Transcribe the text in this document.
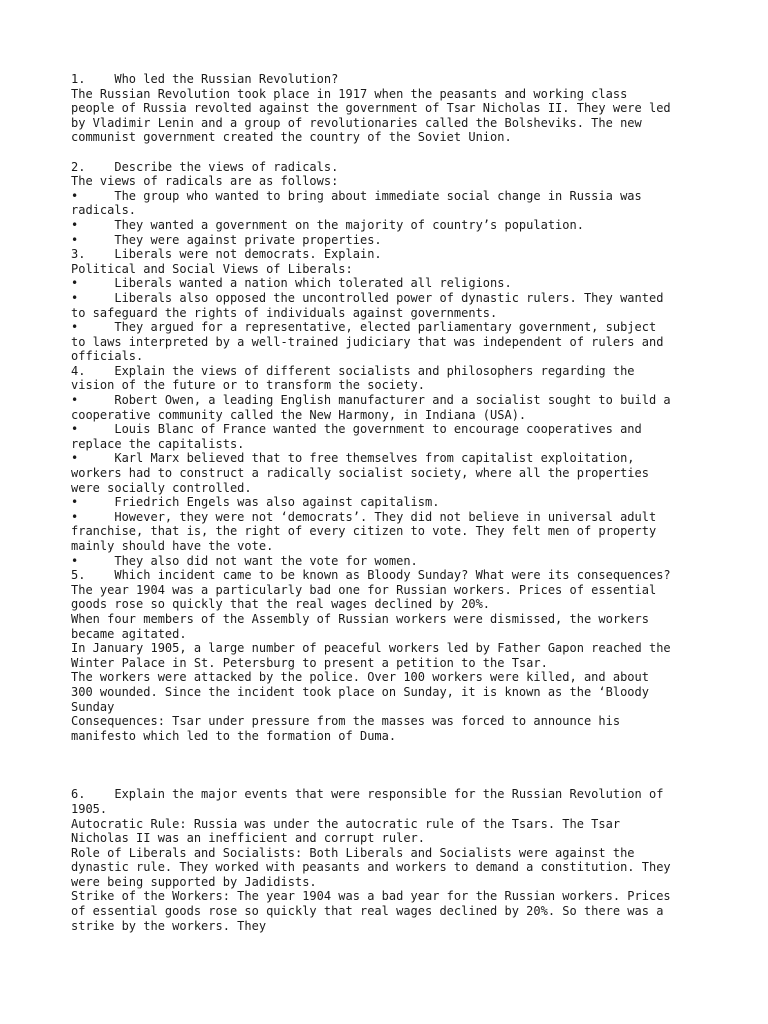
1.    Who led the Russian Revolution?
The Russian Revolution took place in 1917 when the peasants and working class
people of Russia revolted against the government of Tsar Nicholas II. They were led
by Vladimir Lenin and a group of revolutionaries called the Bolsheviks. The new
communist government created the country of the Soviet Union.
2.    Describe the views of radicals.
The views of radicals are as follows:
•     The group who wanted to bring about immediate social change in Russia was
radicals.
•     They wanted a government on the majority of country’s population.
•     They were against private properties.
3.    Liberals were not democrats. Explain.
Political and Social Views of Liberals:
•     Liberals wanted a nation which tolerated all religions.
•     Liberals also opposed the uncontrolled power of dynastic rulers. They wanted
to safeguard the rights of individuals against governments.
•     They argued for a representative, elected parliamentary government, subject
to laws interpreted by a well-trained judiciary that was independent of rulers and
officials.
4.    Explain the views of different socialists and philosophers regarding the
vision of the future or to transform the society.
•     Robert Owen, a leading English manufacturer and a socialist sought to build a
cooperative community called the New Harmony, in Indiana (USA).
•     Louis Blanc of France wanted the government to encourage cooperatives and
replace the capitalists.
•     Karl Marx believed that to free themselves from capitalist exploitation,
workers had to construct a radically socialist society, where all the properties
were socially controlled.
•     Friedrich Engels was also against capitalism.
•     However, they were not ‘democrats’. They did not believe in universal adult
franchise, that is, the right of every citizen to vote. They felt men of property
mainly should have the vote.
•     They also did not want the vote for women.
5.    Which incident came to be known as Bloody Sunday? What were its consequences?
The year 1904 was a particularly bad one for Russian workers. Prices of essential
goods rose so quickly that the real wages declined by 20%.
When four members of the Assembly of Russian workers were dismissed, the workers
became agitated.
In January 1905, a large number of peaceful workers led by Father Gapon reached the
Winter Palace in St. Petersburg to present a petition to the Tsar.
The workers were attacked by the police. Over 100 workers were killed, and about
300 wounded. Since the incident took place on Sunday, it is known as the ‘Bloody
Sunday
Consequences: Tsar under pressure from the masses was forced to announce his
manifesto which led to the formation of Duma.
6.    Explain the major events that were responsible for the Russian Revolution of
1905.
Autocratic Rule: Russia was under the autocratic rule of the Tsars. The Tsar
Nicholas II was an inefficient and corrupt ruler.
Role of Liberals and Socialists: Both Liberals and Socialists were against the
dynastic rule. They worked with peasants and workers to demand a constitution. They
were being supported by Jadidists.
Strike of the Workers: The year 1904 was a bad year for the Russian workers. Prices
of essential goods rose so quickly that real wages declined by 20%. So there was a
strike by the workers. They
